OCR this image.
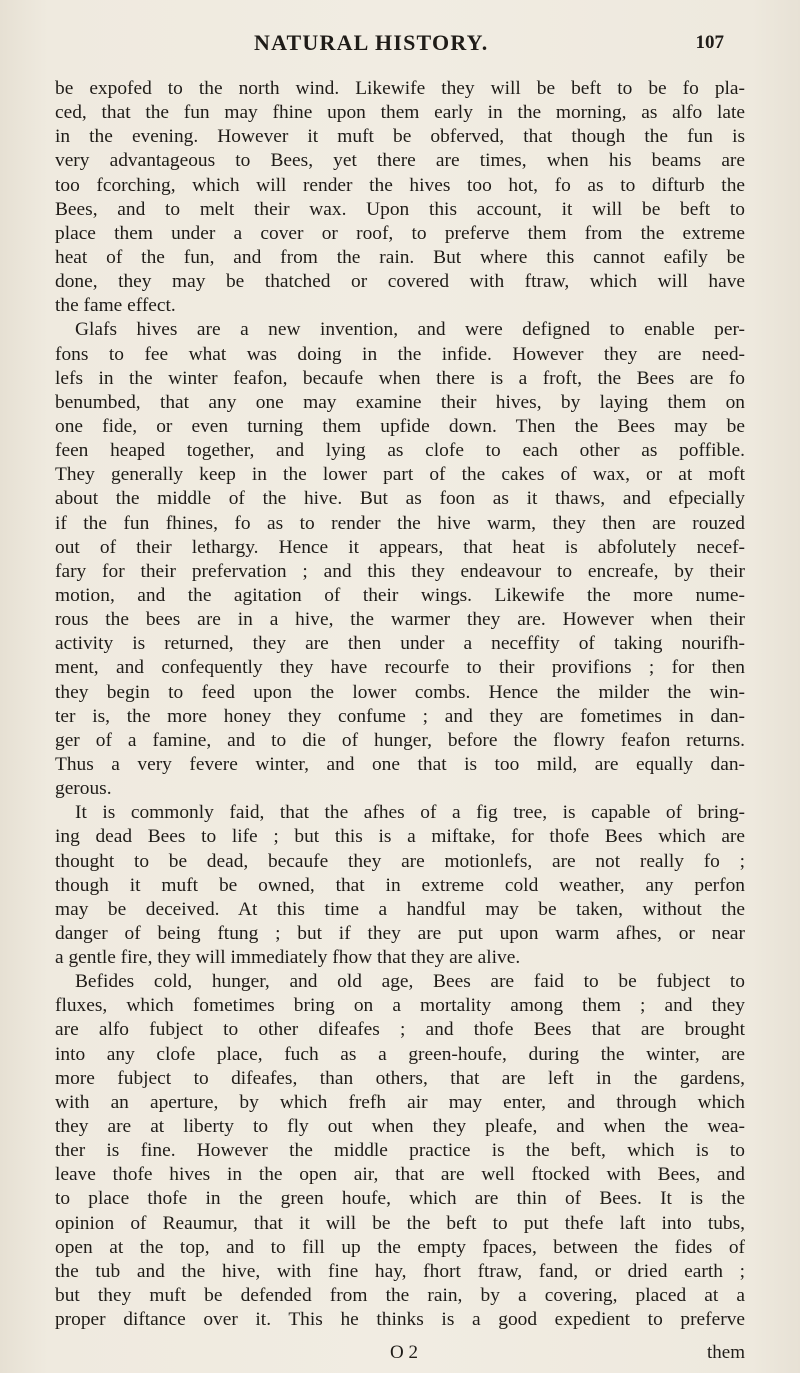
NATURAL HISTORY.	107
be expofed to the north wind. Likewife they will be beft to be fo pla-
ced, that the fun may fhine upon them early in the morning, as alfo late
in the evening. However it muft be obferved, that though the fun is
very advantageous to Bees, yet there are times, when his beams are
too fcorching, which will render the hives too hot, fo as to difturb the
Bees, and to melt their wax. Upon this account, it will be beft to
place them under a cover or roof, to preferve them from the extreme
heat of the fun, and from the rain. But where this cannot eafily be
done, they may be thatched or covered with ftraw, which will have
the fame effect.
Glafs hives are a new invention, and were defigned to enable per-
fons to fee what was doing in the infide. However they are need-
lefs in the winter feafon, becaufe when there is a froft, the Bees are fo
benumbed, that any one may examine their hives, by laying them on
one fide, or even turning them upfide down. Then the Bees may be
feen heaped together, and lying as clofe to each other as poffible.
They generally keep in the lower part of the cakes of wax, or at moft
about the middle of the hive. But as foon as it thaws, and efpecially
if the fun fhines, fo as to render the hive warm, they then are rouzed
out of their lethargy. Hence it appears, that heat is abfolutely necef-
fary for their prefervation ; and this they endeavour to encreafe, by their
motion, and the agitation of their wings. Likewife the more nume-
rous the bees are in a hive, the warmer they are. However when their
activity is returned, they are then under a neceffity of taking nourifh-
ment, and confequently they have recourfe to their provifions ; for then
they begin to feed upon the lower combs. Hence the milder the win-
ter is, the more honey they confume ; and they are fometimes in dan-
ger of a famine, and to die of hunger, before the flowry feafon returns.
Thus a very fevere winter, and one that is too mild, are equally dan-
gerous.
It is commonly faid, that the afhes of a fig tree, is capable of bring-
ing dead Bees to life ; but this is a miftake, for thofe Bees which are
thought to be dead, becaufe they are motionlefs, are not really fo ;
though it muft be owned, that in extreme cold weather, any perfon
may be deceived. At this time a handful may be taken, without the
danger of being ftung ; but if they are put upon warm afhes, or near
a gentle fire, they will immediately fhow that they are alive.
Befides cold, hunger, and old age, Bees are faid to be fubject to
fluxes, which fometimes bring on a mortality among them ; and they
are alfo fubject to other difeafes ; and thofe Bees that are brought
into any clofe place, fuch as a green-houfe, during the winter, are
more fubject to difeafes, than others, that are left in the gardens,
with an aperture, by which frefh air may enter, and through which
they are at liberty to fly out when they pleafe, and when the wea-
ther is fine. However the middle practice is the beft, which is to
leave thofe hives in the open air, that are well ftocked with Bees, and
to place thofe in the green houfe, which are thin of Bees. It is the
opinion of Reaumur, that it will be the beft to put thefe laft into tubs,
open at the top, and to fill up the empty fpaces, between the fides of
the tub and the hive, with fine hay, fhort ftraw, fand, or dried earth ;
but they muft be defended from the rain, by a covering, placed at a
proper diftance over it. This he thinks is a good expedient to preferve
O 2	them
